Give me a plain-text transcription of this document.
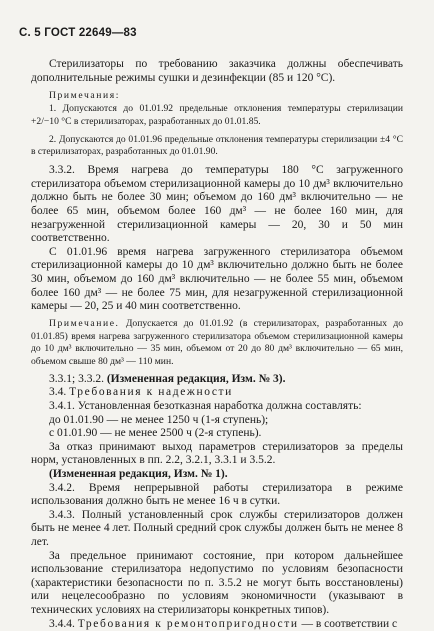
С. 5 ГОСТ 22649—83

Стерилизаторы по требованию заказчика должны обеспечивать дополнительные режимы сушки и дезинфекции (85 и 120 °С).

Примечания:

1. Допускаются до 01.01.92 предельные отклонения температуры стерилизации +2/−10 °С в стерилизаторах, разработанных до 01.01.85.

2. Допускаются до 01.01.96 предельные отклонения температуры стерилизации ±4 °С в стерилизаторах, разработанных до 01.01.90.

3.3.2. Время нагрева до температуры 180 °С загруженного стерилизатора объемом стерилизационной камеры до 10 дм³ включительно должно быть не более 30 мин; объемом до 160 дм³ включительно — не более 65 мин, объемом более 160 дм³ — не более 160 мин, для незагруженной стерилизационной камеры — 20, 30 и 50 мин соответственно.

С 01.01.96 время нагрева загруженного стерилизатора объемом стерилизационной камеры до 10 дм³ включительно должно быть не более 30 мин, объемом до 160 дм³ включительно — не более 55 мин, объемом более 160 дм³ — не более 75 мин, для незагруженной стерилизационной камеры — 20, 25 и 40 мин соответственно.

Примечание. Допускается до 01.01.92 (в стерилизаторах, разработанных до 01.01.85) время нагрева загруженного стерилизатора объемом стерилизационной камеры до 10 дм³ включительно — 35 мин, объемом от 20 до 80 дм³ включительно — 65 мин, объемом свыше 80 дм³ — 110 мин.

3.3.1; 3.3.2. (Измененная редакция, Изм. № 3).

3.4. Требования к надежности

3.4.1. Установленная безотказная наработка должна составлять:

до 01.01.90 — не менее 1250 ч (1-я ступень);

с 01.01.90 — не менее 2500 ч (2-я ступень).

За отказ принимают выход параметров стерилизаторов за пределы норм, установленных в пп. 2.2, 3.2.1, 3.3.1 и 3.5.2.

(Измененная редакция, Изм. № 1).

3.4.2. Время непрерывной работы стерилизатора в режиме использования должно быть не менее 16 ч в сутки.

3.4.3. Полный установленный срок службы стерилизаторов должен быть не менее 4 лет. Полный средний срок службы должен быть не менее 8 лет.

За предельное принимают состояние, при котором дальнейшее использование стерилизатора недопустимо по условиям безопасности (характеристики безопасности по п. 3.5.2 не могут быть восстановлены) или нецелесообразно по условиям экономичности (указывают в технических условиях на стерилизаторы конкретных типов).

3.4.4. Требования к ремонтопригодности — в соответствии с
